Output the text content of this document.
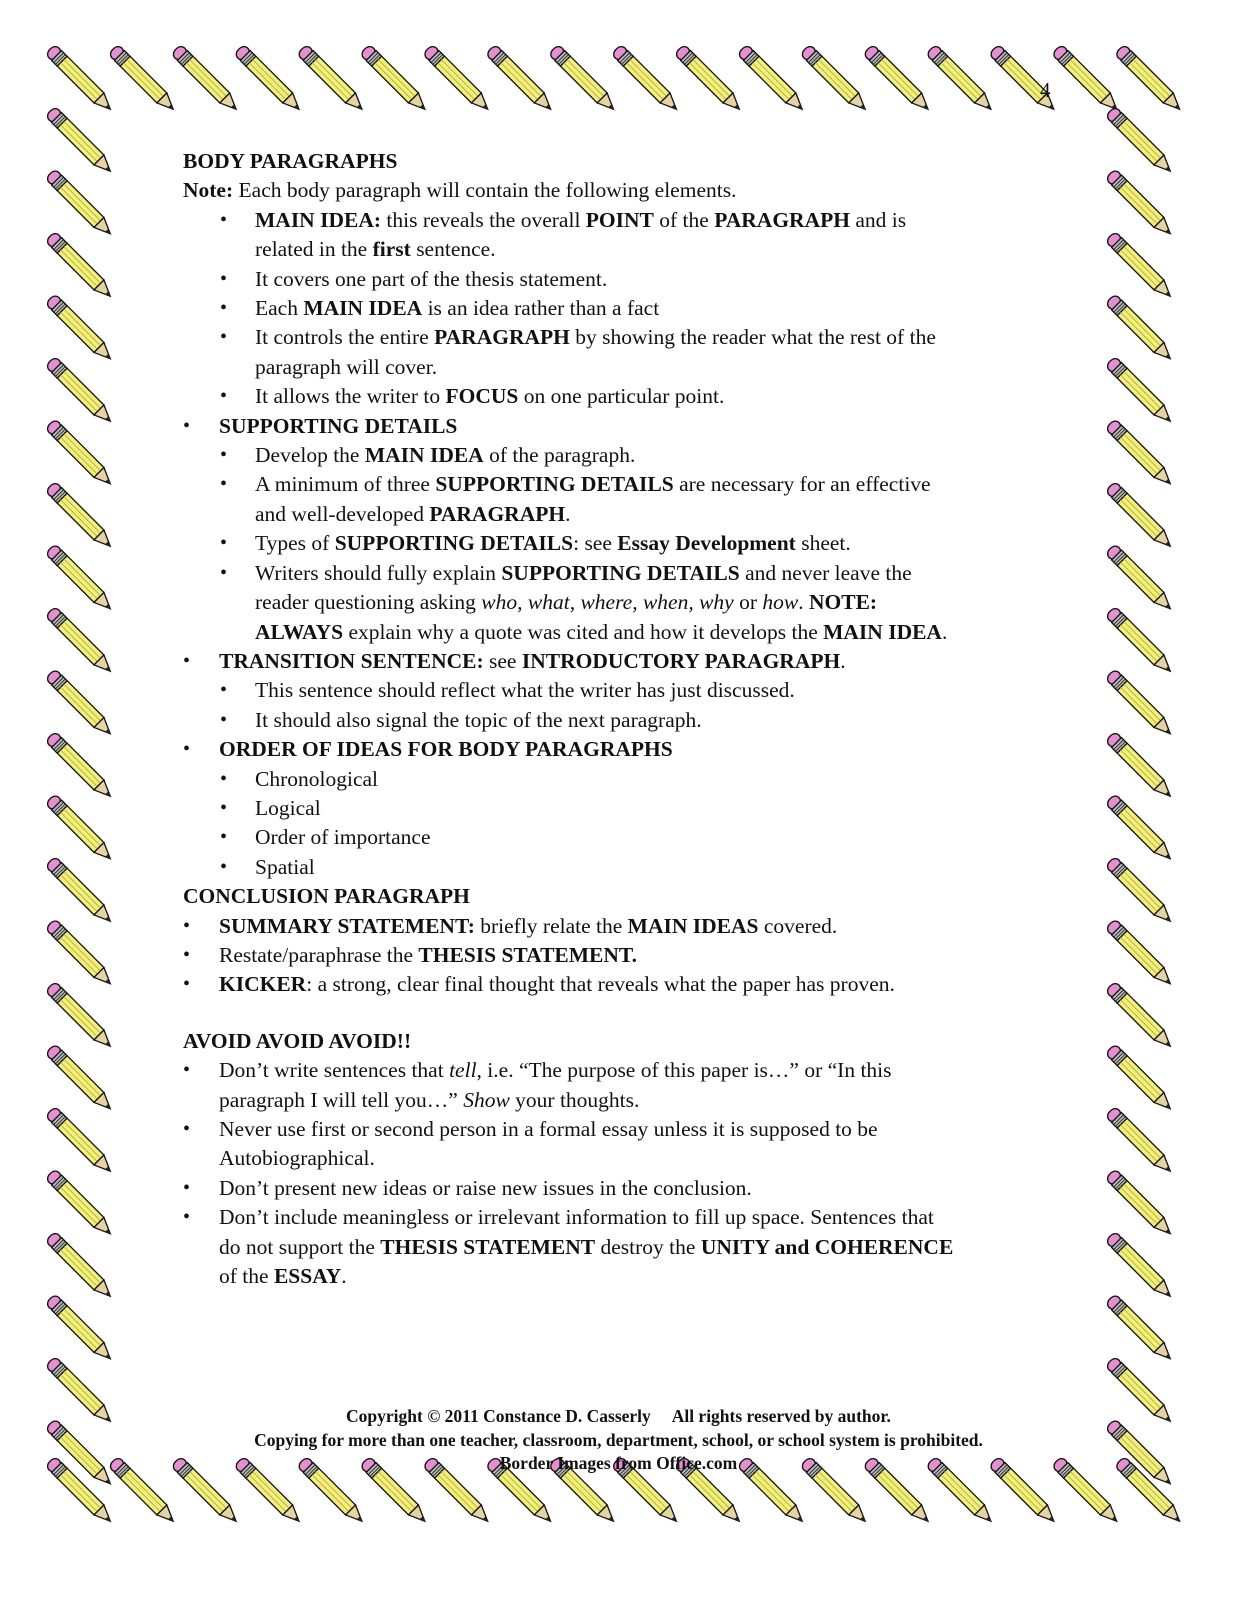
4
BODY PARAGRAPHS
Note: Each body paragraph will contain the following elements.
• MAIN IDEA: this reveals the overall POINT of the PARAGRAPH and is
related in the first sentence.
• It covers one part of the thesis statement.
• Each MAIN IDEA is an idea rather than a fact
• It controls the entire PARAGRAPH by showing the reader what the rest of the
paragraph will cover.
• It allows the writer to FOCUS on one particular point.
• SUPPORTING DETAILS
• Develop the MAIN IDEA of the paragraph.
• A minimum of three SUPPORTING DETAILS are necessary for an effective
and well-developed PARAGRAPH.
• Types of SUPPORTING DETAILS: see Essay Development sheet.
• Writers should fully explain SUPPORTING DETAILS and never leave the
reader questioning asking who, what, where, when, why or how. NOTE:
ALWAYS explain why a quote was cited and how it develops the MAIN IDEA.
• TRANSITION SENTENCE: see INTRODUCTORY PARAGRAPH.
• This sentence should reflect what the writer has just discussed.
• It should also signal the topic of the next paragraph.
• ORDER OF IDEAS FOR BODY PARAGRAPHS
• Chronological
• Logical
• Order of importance
• Spatial
CONCLUSION PARAGRAPH
• SUMMARY STATEMENT: briefly relate the MAIN IDEAS covered.
• Restate/paraphrase the THESIS STATEMENT.
• KICKER: a strong, clear final thought that reveals what the paper has proven.
AVOID AVOID AVOID!!
• Don’t write sentences that tell, i.e. “The purpose of this paper is…” or “In this
paragraph I will tell you…” Show your thoughts.
• Never use first or second person in a formal essay unless it is supposed to be
Autobiographical.
• Don’t present new ideas or raise new issues in the conclusion.
• Don’t include meaningless or irrelevant information to fill up space. Sentences that
do not support the THESIS STATEMENT destroy the UNITY and COHERENCE
of the ESSAY.
Copyright © 2011 Constance D. Casserly     All rights reserved by author.
Copying for more than one teacher, classroom, department, school, or school system is prohibited.
Border Images from Office.com
